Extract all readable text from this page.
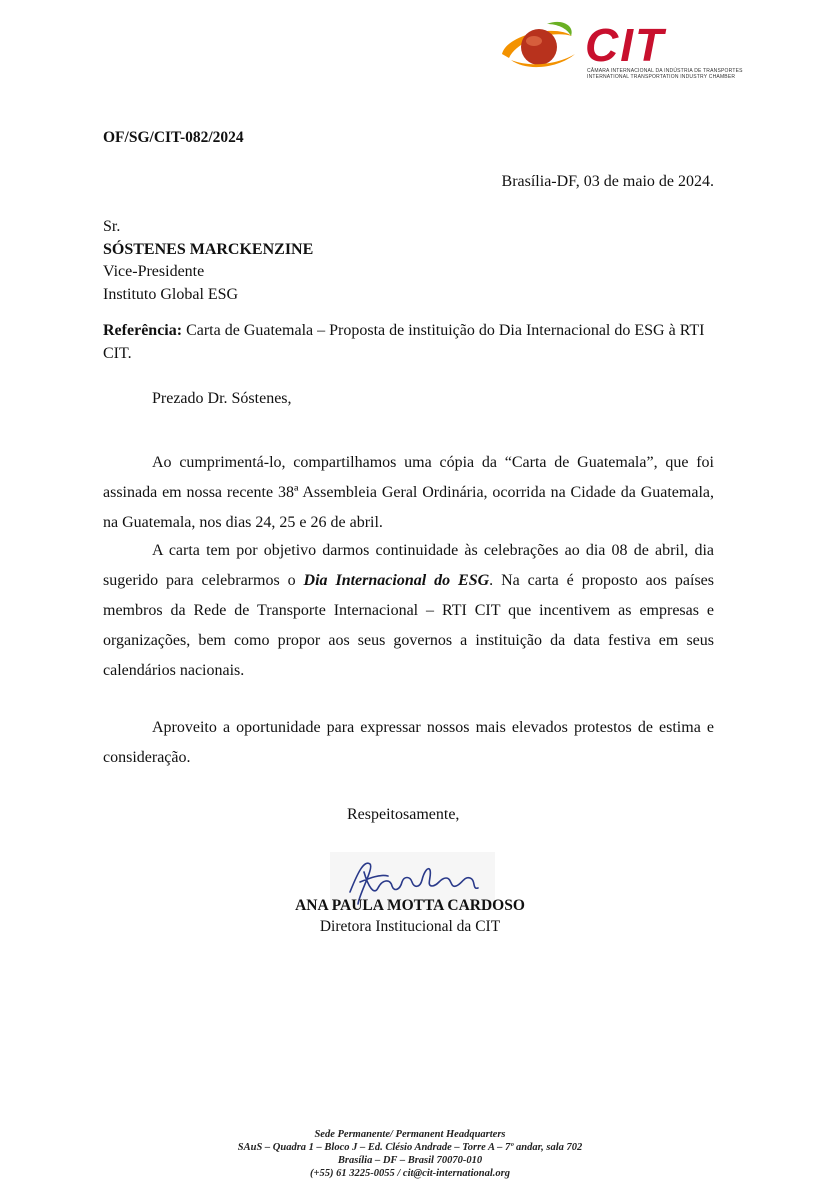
CIT
CÂMARA INTERNACIONAL DA INDÚSTRIA DE TRANSPORTES
INTERNATIONAL TRANSPORTATION INDUSTRY CHAMBER
OF/SG/CIT-082/2024
Brasília-DF, 03 de maio de 2024.
Sr.
SÓSTENES MARCKENZINE
Vice-Presidente
Instituto Global ESG
Referência: Carta de Guatemala – Proposta de instituição do Dia Internacional do ESG à RTI CIT.
Prezado Dr. Sóstenes,

Ao cumprimentá-lo, compartilhamos uma cópia da “Carta de Guatemala”, que foi assinada em nossa recente 38ª Assembleia Geral Ordinária, ocorrida na Cidade da Guatemala, na Guatemala, nos dias 24, 25 e 26 de abril.

A carta tem por objetivo darmos continuidade às celebrações ao dia 08 de abril, dia sugerido para celebrarmos o Dia Internacional do ESG. Na carta é proposto aos países membros da Rede de Transporte Internacional – RTI CIT que incentivem as empresas e organizações, bem como propor aos seus governos a instituição da data festiva em seus calendários nacionais.

Aproveito a oportunidade para expressar nossos mais elevados protestos de estima e consideração.

Respeitosamente,
ANA PAULA MOTTA CARDOSO
Diretora Institucional da CIT
Sede Permanente/ Permanent Headquarters
SAuS – Quadra 1 – Bloco J – Ed. Clésio Andrade – Torre A – 7º andar, sala 702
Brasília – DF – Brasil 70070-010
(+55) 61 3225-0055 / cit@cit-international.org
